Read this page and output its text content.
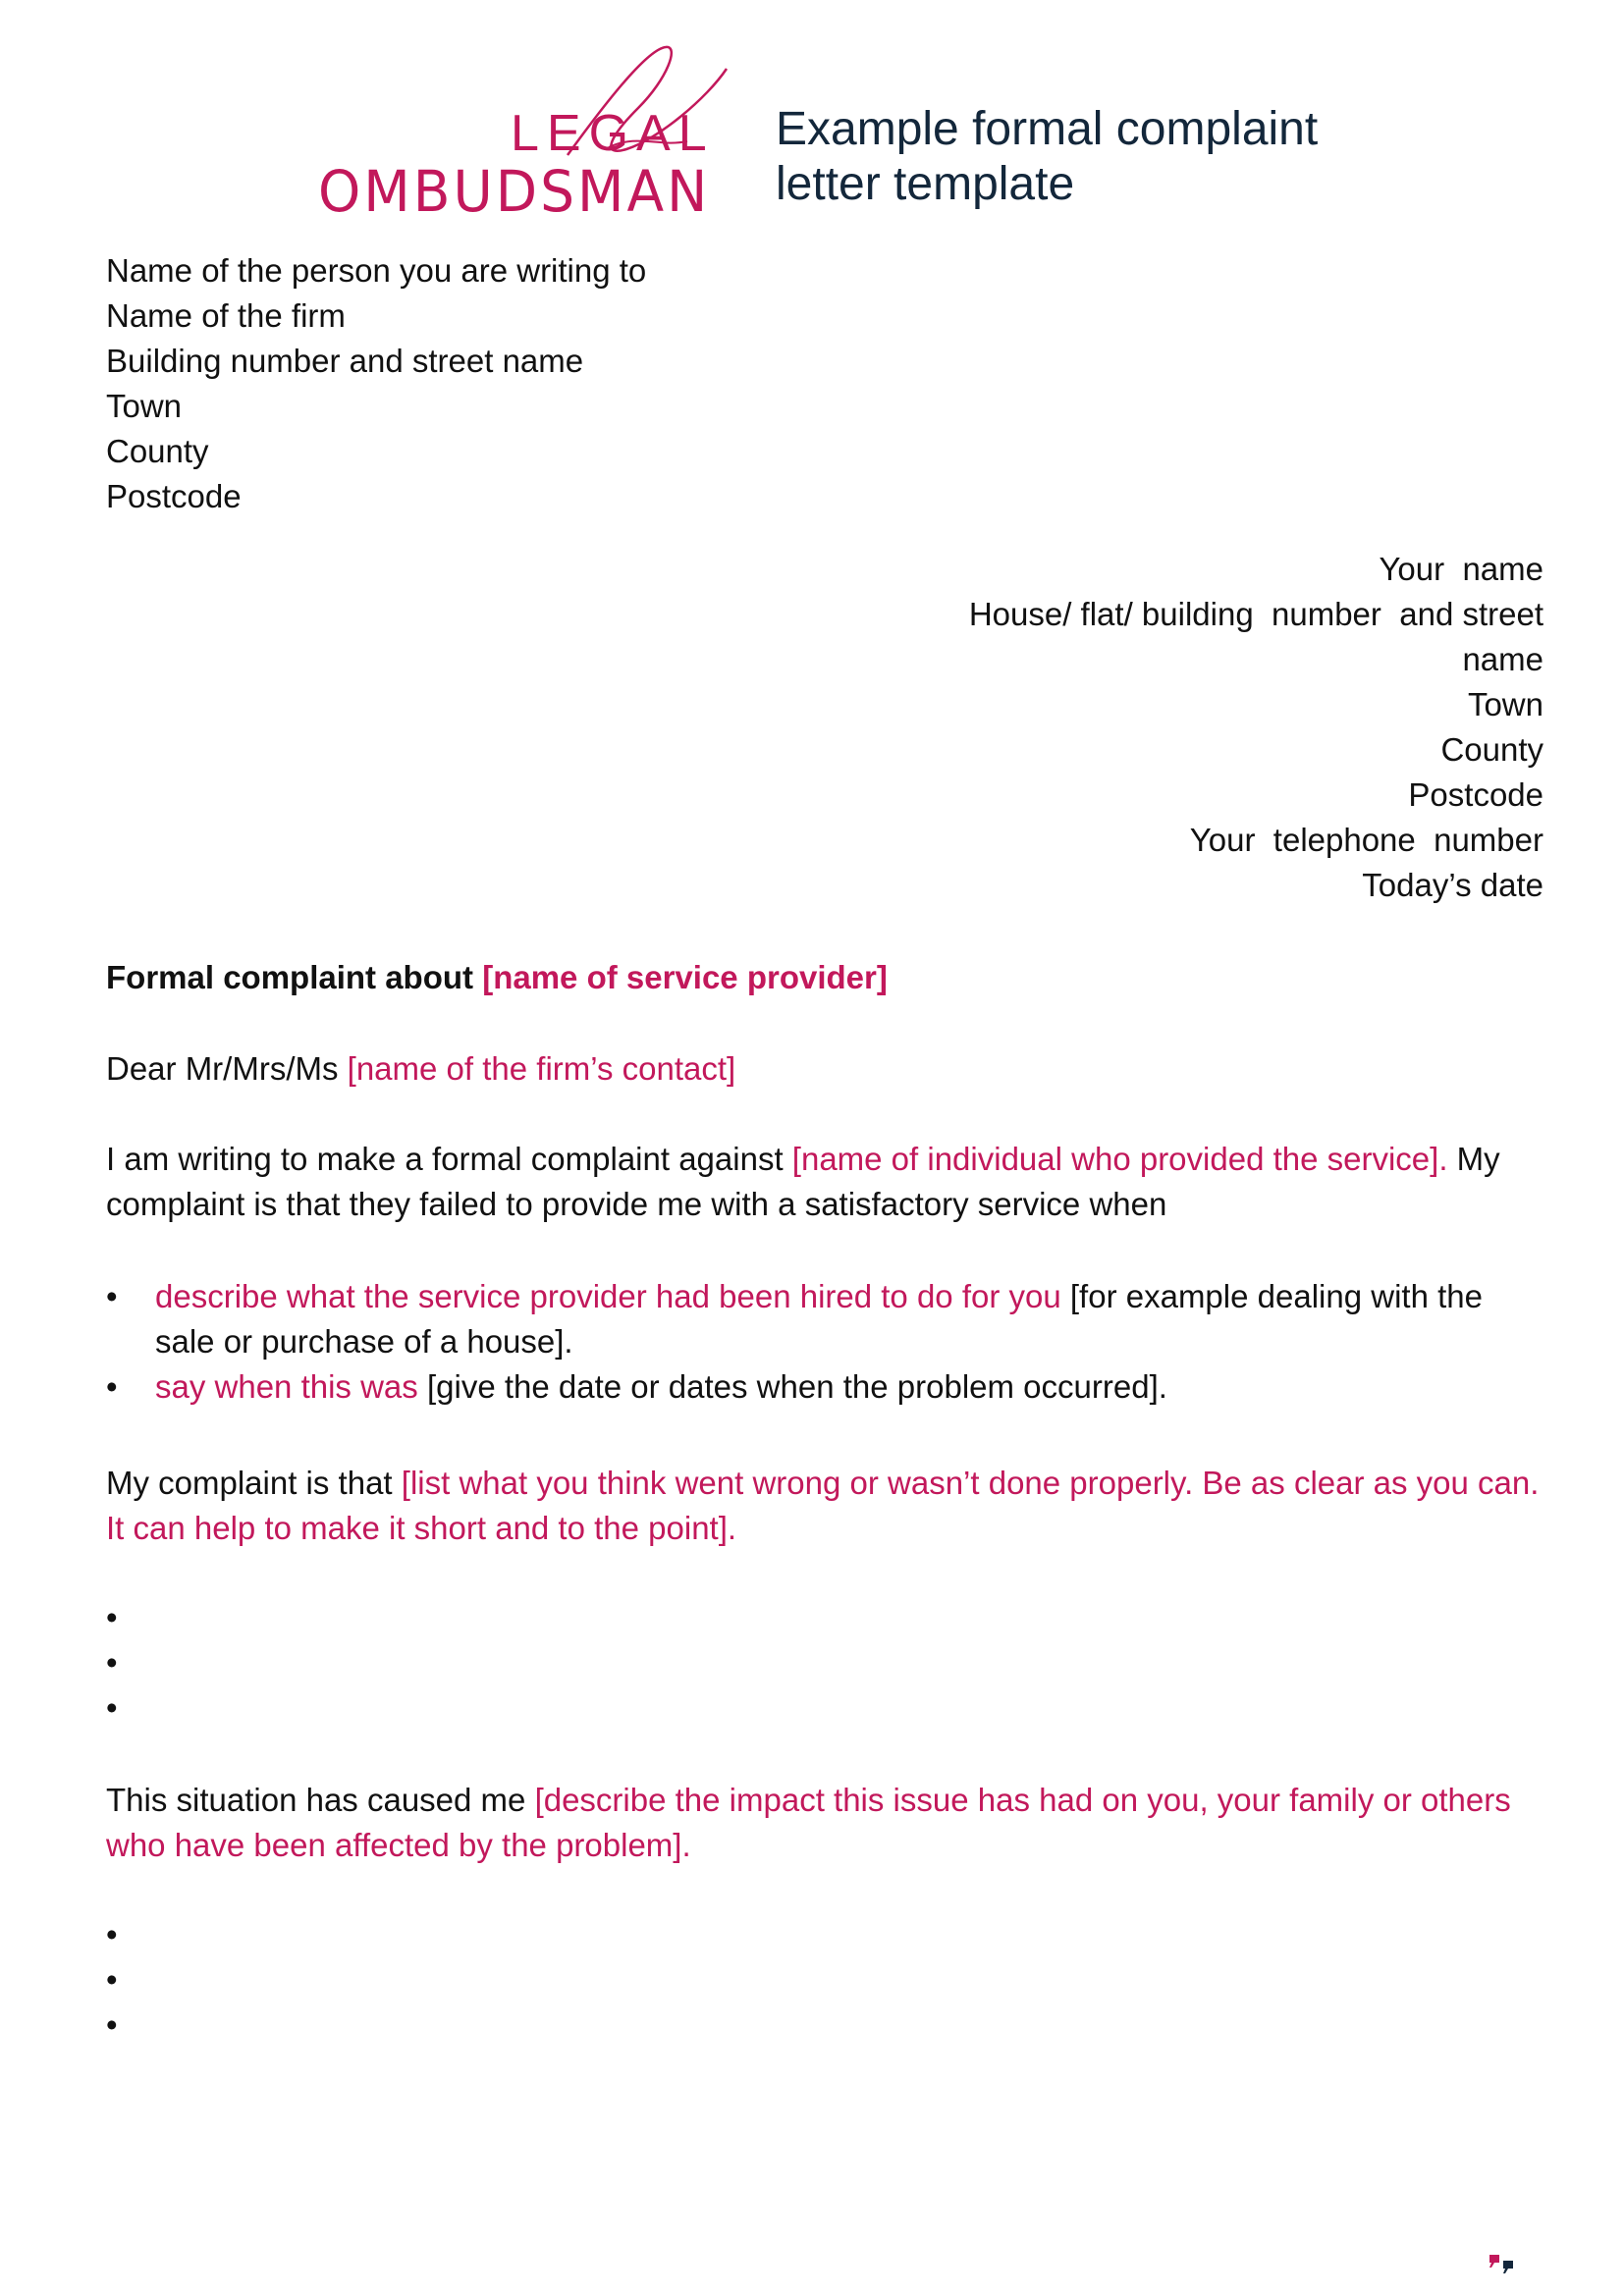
LEGAL
OMBUDSMAN
Example formal complaint
letter template
Name of the person you are writing to
Name of the firm
Building number and street name
Town
County
Postcode
Your  name
House/ flat/ building  number  and street
name
Town
County
Postcode
Your  telephone  number
Today’s date
Formal complaint about [name of service provider]
Dear Mr/Mrs/Ms [name of the firm’s contact]
I am writing to make a formal complaint against [name of individual who provided the service]. My complaint is that they failed to provide me with a satisfactory service when
• describe what the service provider had been hired to do for you [for example dealing with the sale or purchase of a house].
• say when this was [give the date or dates when the problem occurred].
My complaint is that [list what you think went wrong or wasn’t done properly. Be as clear as you can. It can help to make it short and to the point].
•

•

•

This situation has caused me [describe the impact this issue has had on you, your family or others who have been affected by the problem].
•

•

•
